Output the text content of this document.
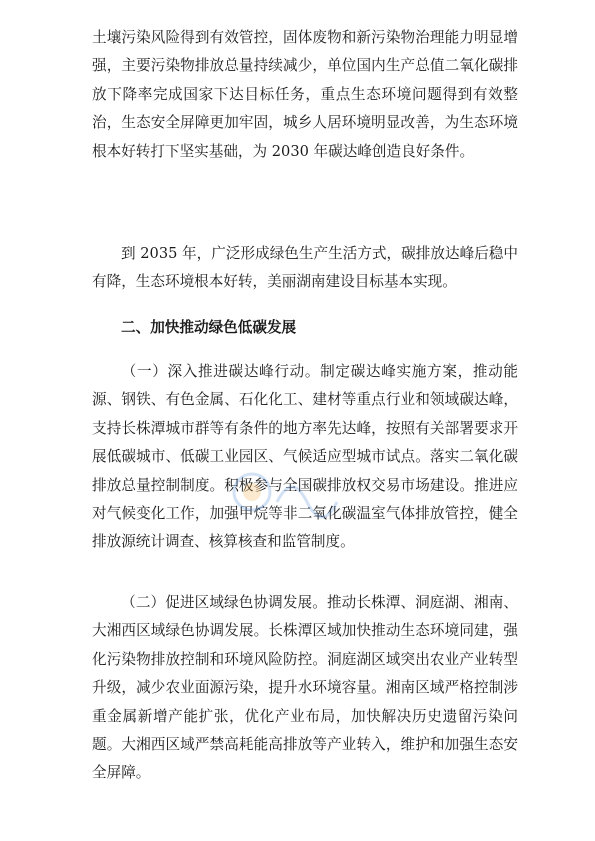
土壤污染风险得到有效管控，固体废物和新污染物治理能力明显增强，主要污染物排放总量持续减少，单位国内生产总值二氧化碳排放下降率完成国家下达目标任务，重点生态环境问题得到有效整治，生态安全屏障更加牢固，城乡人居环境明显改善，为生态环境根本好转打下坚实基础，为 2030 年碳达峰创造良好条件。

到 2035 年，广泛形成绿色生产生活方式，碳排放达峰后稳中有降，生态环境根本好转，美丽湖南建设目标基本实现。

二、加快推动绿色低碳发展

（一）深入推进碳达峰行动。制定碳达峰实施方案，推动能源、钢铁、有色金属、石化化工、建材等重点行业和领域碳达峰，支持长株潭城市群等有条件的地方率先达峰，按照有关部署要求开展低碳城市、低碳工业园区、气候适应型城市试点。落实二氧化碳排放总量控制制度。积极参与全国碳排放权交易市场建设。推进应对气候变化工作，加强甲烷等非二氧化碳温室气体排放管控，健全排放源统计调查、核算核查和监管制度。

（二）促进区域绿色协调发展。推动长株潭、洞庭湖、湘南、大湘西区域绿色协调发展。长株潭区域加快推动生态环境同建，强化污染物排放控制和环境风险防控。洞庭湖区域突出农业产业转型升级，减少农业面源污染，提升水环境容量。湘南区域严格控制涉重金属新增产能扩张，优化产业布局，加快解决历史遗留污染问题。大湘西区域严禁高耗能高排放等产业转入，维护和加强生态安全屏障。
